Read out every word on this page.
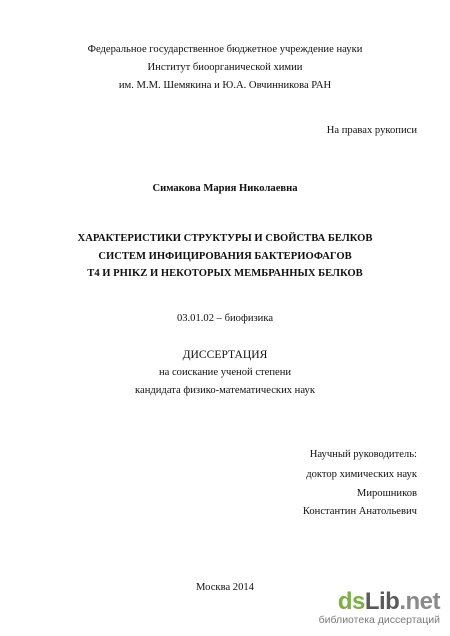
Федеральное государственное бюджетное учреждение науки
Институт биоорганической химии
им. М.М. Шемякина и Ю.А. Овчинникова РАН
На правах рукописи
Симакова Мария Николаевна
ХАРАКТЕРИСТИКИ СТРУКТУРЫ И СВОЙСТВА БЕЛКОВ
СИСТЕМ ИНФИЦИРОВАНИЯ БАКТЕРИОФАГОВ
Т4 И PHIKZ И НЕКОТОРЫХ МЕМБРАННЫХ БЕЛКОВ
03.01.02 – биофизика
ДИССЕРТАЦИЯ
на соискание ученой степени
кандидата физико-математических наук
Научный руководитель:
доктор химических наук
Мирошников
Константин Анатольевич
Москва 2014
dsLib.net
библиотека диссертаций
